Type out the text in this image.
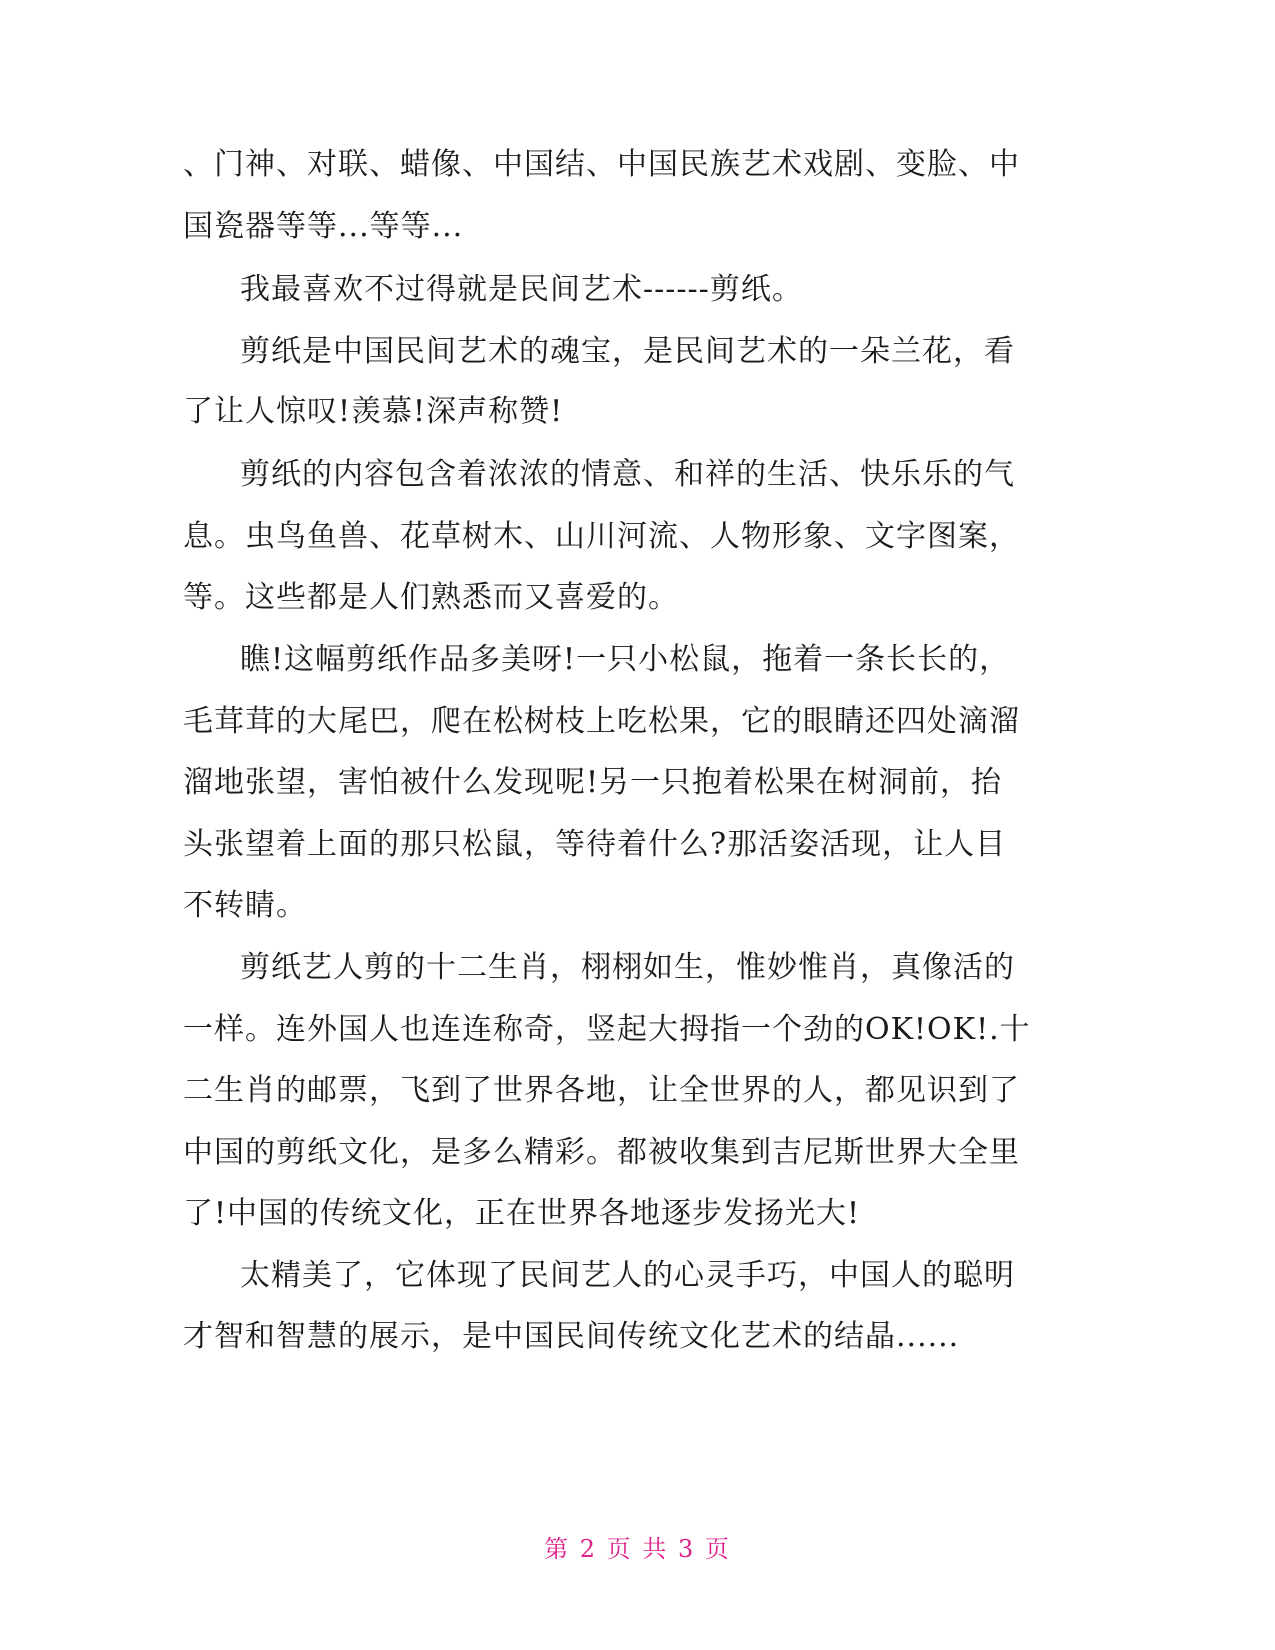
、门神、对联、蜡像、中国结、中国民族艺术戏剧、变脸、中
国瓷器等等...等等...
我最喜欢不过得就是民间艺术------剪纸。
剪纸是中国民间艺术的魂宝，是民间艺术的一朵兰花，看
了让人惊叹!羡慕!深声称赞!
剪纸的内容包含着浓浓的情意、和祥的生活、快乐乐的气
息。虫鸟鱼兽、花草树木、山川河流、人物形象、文字图案，
等。这些都是人们熟悉而又喜爱的。
瞧!这幅剪纸作品多美呀!一只小松鼠，拖着一条长长的，
毛茸茸的大尾巴，爬在松树枝上吃松果，它的眼睛还四处滴溜
溜地张望，害怕被什么发现呢!另一只抱着松果在树洞前，抬
头张望着上面的那只松鼠，等待着什么?那活姿活现，让人目
不转睛。
剪纸艺人剪的十二生肖，栩栩如生，惟妙惟肖，真像活的
一样。连外国人也连连称奇，竖起大拇指一个劲的OK!OK!.十
二生肖的邮票，飞到了世界各地，让全世界的人，都见识到了
中国的剪纸文化，是多么精彩。都被收集到吉尼斯世界大全里
了!中国的传统文化，正在世界各地逐步发扬光大!
太精美了，它体现了民间艺人的心灵手巧，中国人的聪明
才智和智慧的展示，是中国民间传统文化艺术的结晶......
第 2 页 共 3 页
